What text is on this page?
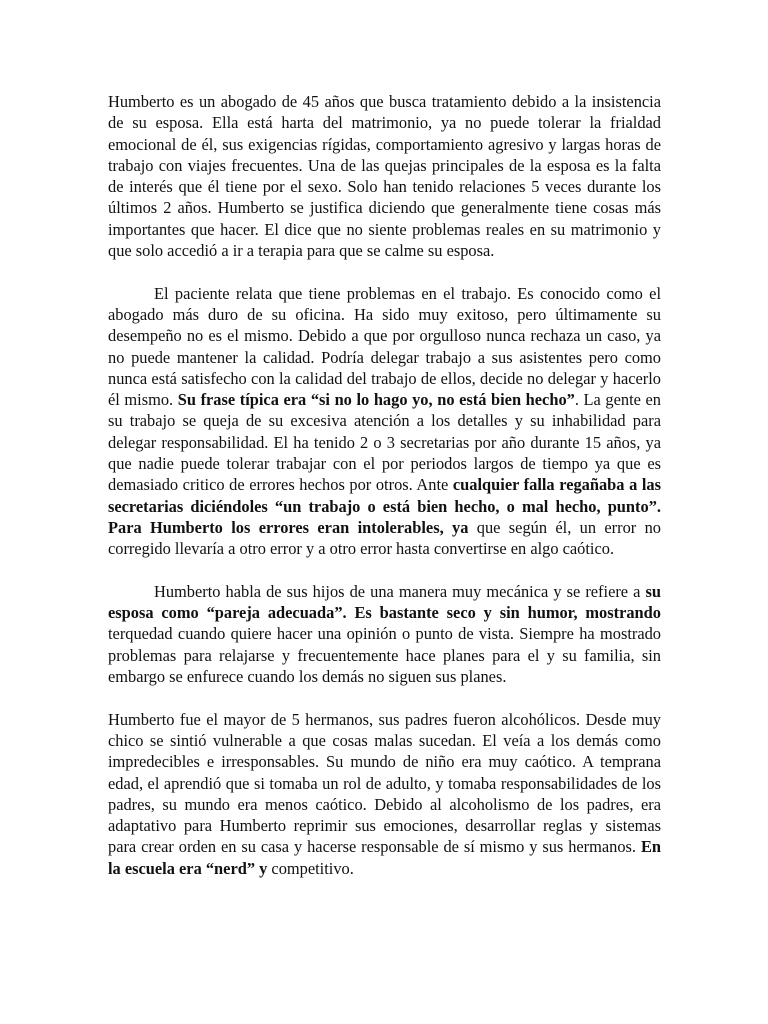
Humberto es un abogado de 45 años que busca tratamiento debido a la insistencia de su esposa. Ella está harta del matrimonio, ya no puede tolerar la frialdad emocional de él, sus exigencias rígidas, comportamiento agresivo y largas horas de trabajo con viajes frecuentes. Una de las quejas principales de la esposa es la falta de interés que él tiene por el sexo. Solo han tenido relaciones 5 veces durante los últimos 2 años. Humberto se justifica diciendo que generalmente tiene cosas más importantes que hacer. El dice que no siente problemas reales en su matrimonio y que solo accedió a ir a terapia para que se calme su esposa.

El paciente relata que tiene problemas en el trabajo. Es conocido como el abogado más duro de su oficina. Ha sido muy exitoso, pero últimamente su desempeño no es el mismo. Debido a que por orgulloso nunca rechaza un caso, ya no puede mantener la calidad. Podría delegar trabajo a sus asistentes pero como nunca está satisfecho con la calidad del trabajo de ellos, decide no delegar y hacerlo él mismo. Su frase típica era “si no lo hago yo, no está bien hecho”. La gente en su trabajo se queja de su excesiva atención a los detalles y su inhabilidad para delegar responsabilidad. El ha tenido 2 o 3 secretarias por año durante 15 años, ya que nadie puede tolerar trabajar con el por periodos largos de tiempo ya que es demasiado critico de errores hechos por otros. Ante cualquier falla regañaba a las secretarias diciéndoles “un trabajo o está bien hecho, o mal hecho, punto”. Para Humberto los errores eran intolerables, ya que según él, un error no corregido llevaría a otro error y a otro error hasta convertirse en algo caótico.

Humberto habla de sus hijos de una manera muy mecánica y se refiere a su esposa como “pareja adecuada”. Es bastante seco y sin humor, mostrando terquedad cuando quiere hacer una opinión o punto de vista. Siempre ha mostrado problemas para relajarse y frecuentemente hace planes para el y su familia, sin embargo se enfurece cuando los demás no siguen sus planes.

Humberto fue el mayor de 5 hermanos, sus padres fueron alcohólicos. Desde muy chico se sintió vulnerable a que cosas malas sucedan. El veía a los demás como impredecibles e irresponsables. Su mundo de niño era muy caótico. A temprana edad, el aprendió que si tomaba un rol de adulto, y tomaba responsabilidades de los padres, su mundo era menos caótico. Debido al alcoholismo de los padres, era adaptativo para Humberto reprimir sus emociones, desarrollar reglas y sistemas para crear orden en su casa y hacerse responsable de sí mismo y sus hermanos. En la escuela era “nerd” y competitivo.
